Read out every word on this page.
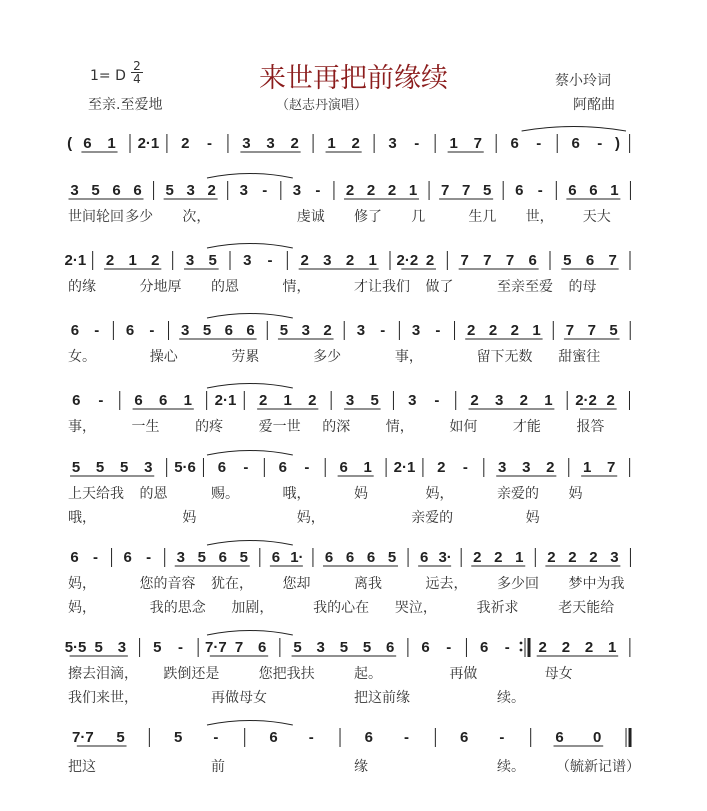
1= D
2
4	来世再把前缘续	蔡小玲词
至亲.至爱地	（赵志丹演唱）	阿酩曲
( 6 1 2·1 2 - 3 3 2 1 2 3 - 1 7 6 - 6 - )
3 5 6 6 5 3 2 3 - 3 - 2 2 2 1 7 7 5 6 - 6 6 1
世间轮回 多少 次，	虔诚 修了 几	生几 世， 天大
2·1 2 1 2 3 5 3 - 2 3 2 1 2·2 2 7 7 7 6 5 6 7
的缘	分地厚 的恩	情，	才让我们 做了	至亲至爱 的母
6 - 6 - 3 5 6 6 5 3 2 3 - 3 - 2 2 2 1 7 7 5
女。	操心	劳累	多少	事，	留下无数 甜蜜往
6 - 6 6 1 2·1 2 1 2 3 5 3 - 2 3 2 1 2·2 2
事，	一生	的疼	爱一世 的深	情，	如何	才能	报答
5 5 5 3 5·6 6 - 6 - 6 1 2·1 2 - 3 3 2 1 7
上天给我 的恩	赐。	哦，	妈	妈，	亲爱的 妈
哦，	妈	妈，	亲爱的	妈
6 - 6 - 3 5 6 5 6 1· 6 6 6 5 6 3· 2 2 1 2 2 2 3
妈，	您的音容 犹在， 您却	离我	远去， 多少回 梦中为我
妈，	我的思念 加剧，	我的心在 哭泣，	我祈求	老天能给
5·5 5 3 5 - 7·7 7 6 5 3 5 5 6 6 - 6 - 2 2 2 1
擦去泪滴， 跌倒还是	您把我扶	起。	再做	母女
我们来世，	再做母女	把这前缘	续。
7·7 5	5 -	6 -	6 -	6 -	6 0
把这	前	缘	续。 （毓新记谱）
